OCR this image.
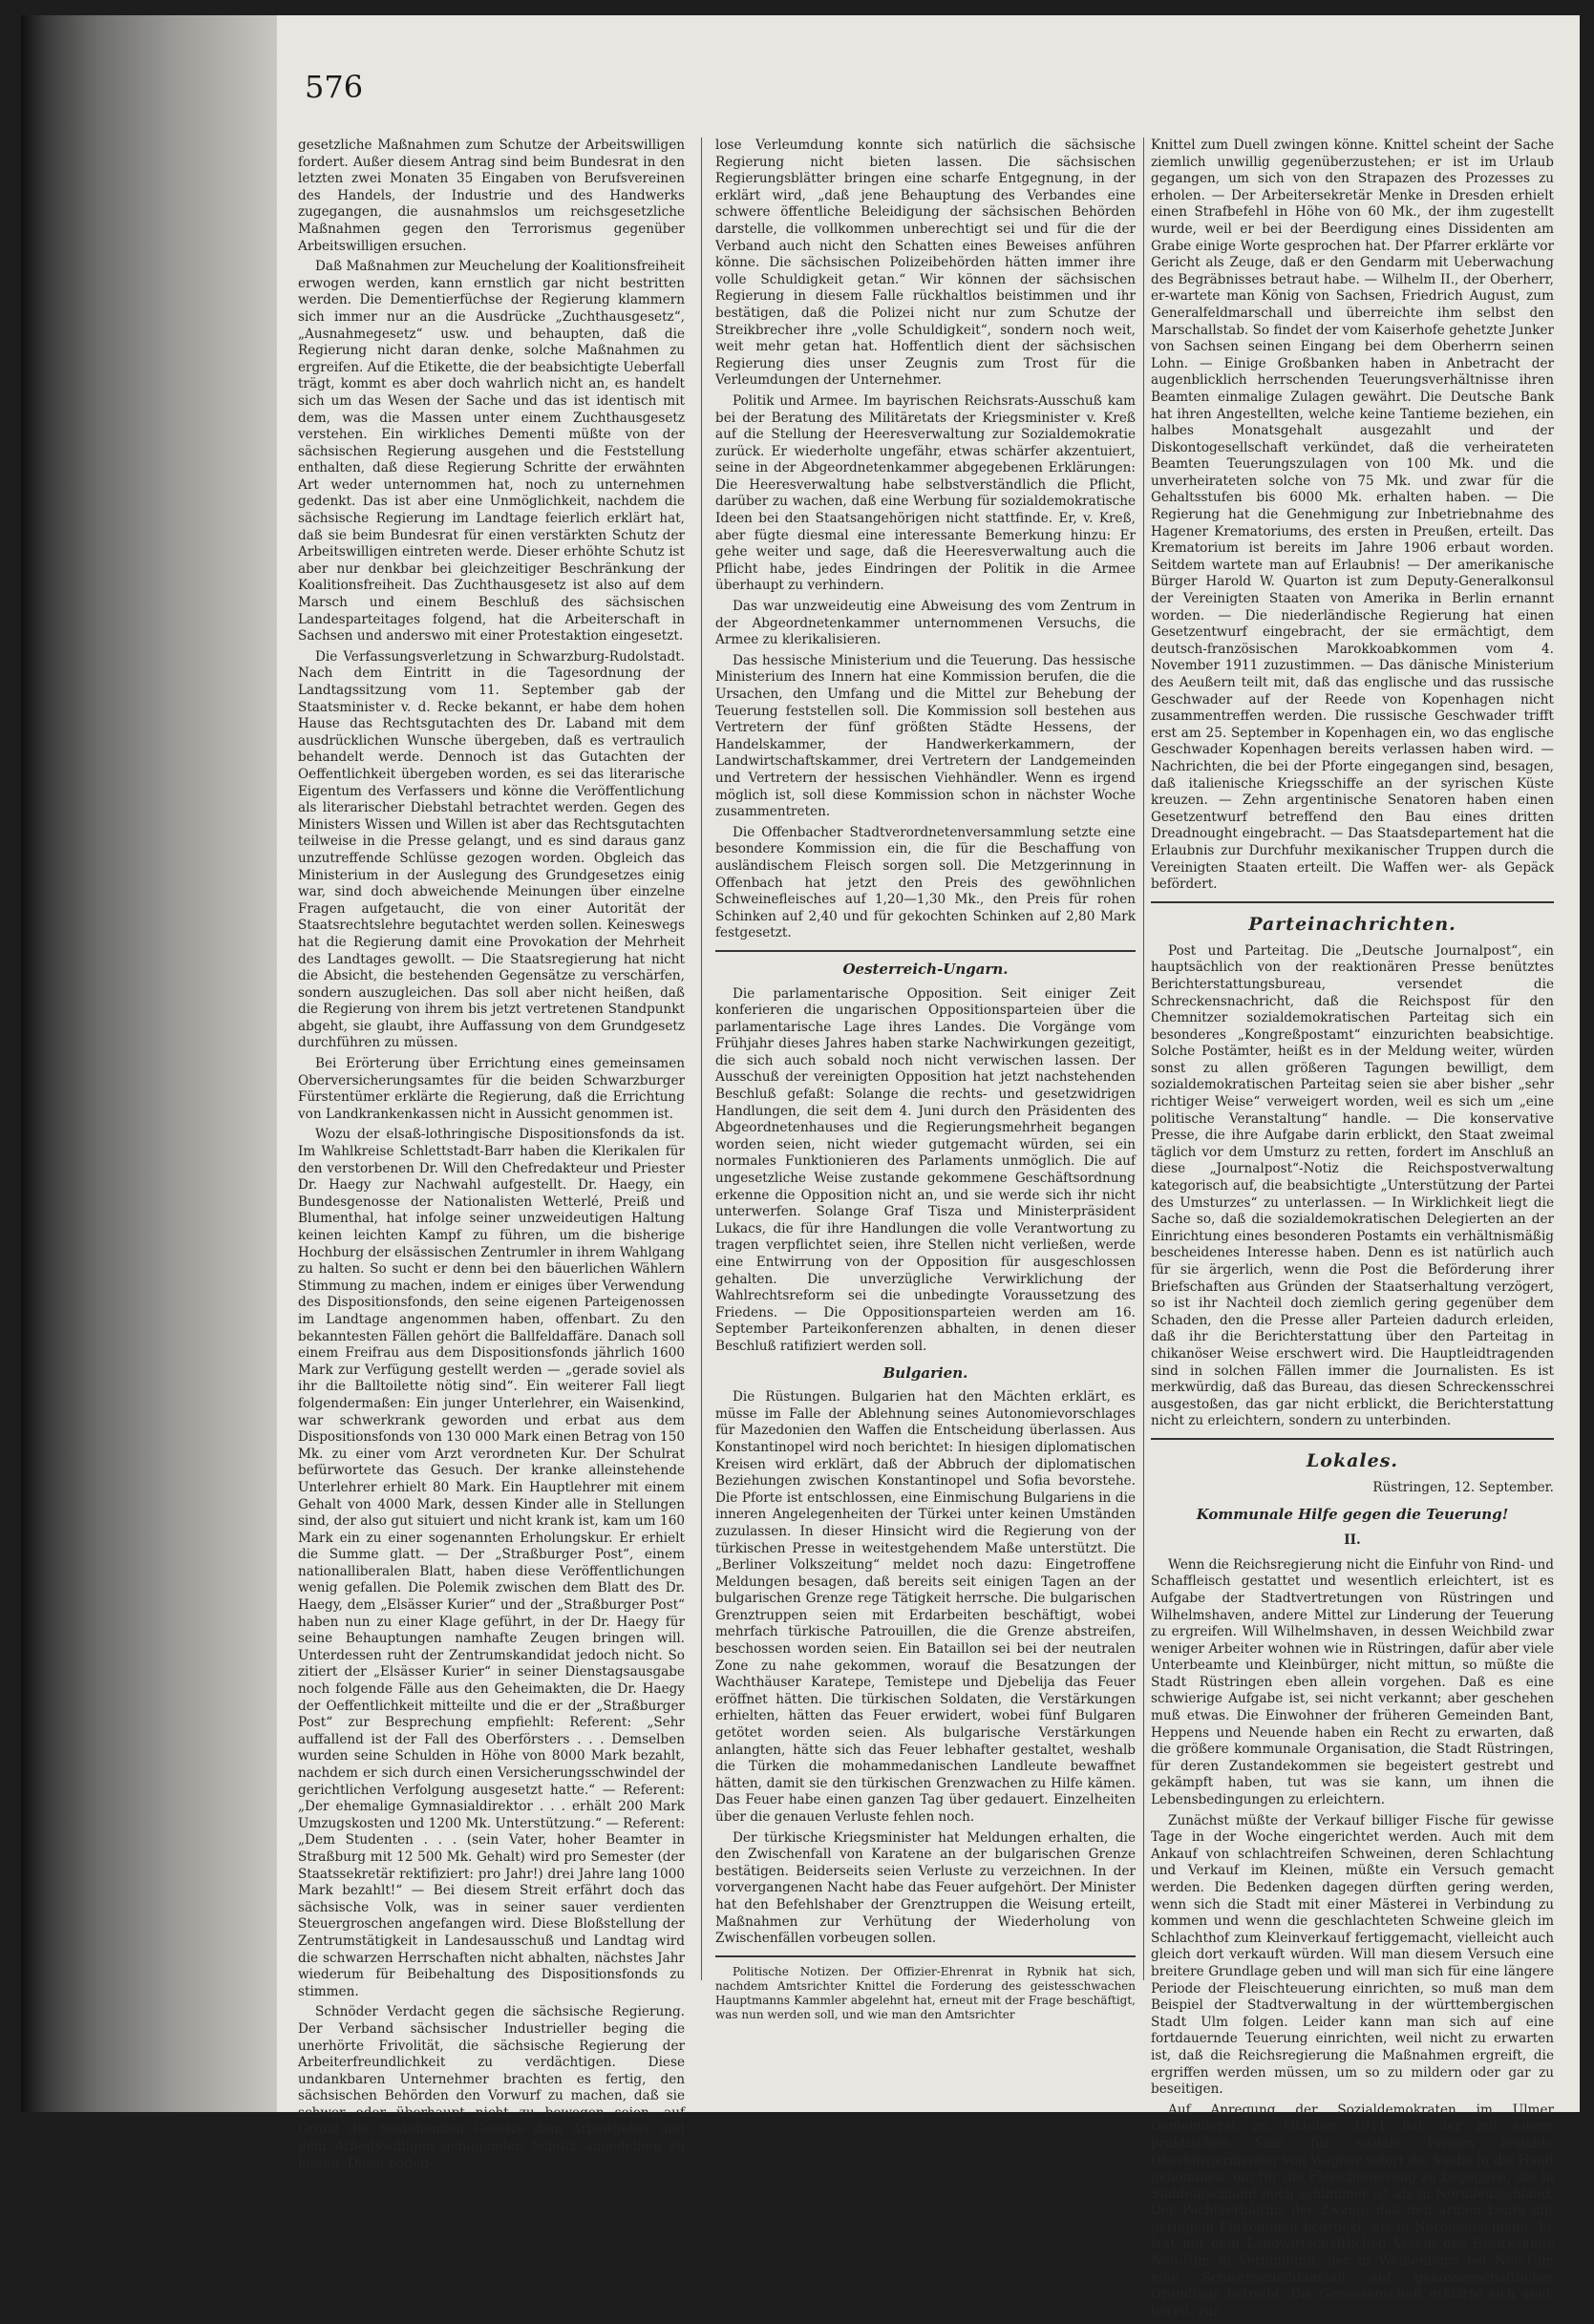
576

gesetzliche Maßnahmen zum Schutze der Arbeitswilligen fordert. Außer diesem Antrag sind beim Bundesrat in den letzten zwei Monaten 35 Eingaben von Berufsvereinen des Handels, der Industrie und des Handwerks zugegangen, die ausnahmslos um reichsgesetzliche Maßnahmen gegen den Terrorismus gegenüber Arbeitswilligen ersuchen.

Daß Maßnahmen zur Meuchelung der Koalitionsfreiheit erwogen werden, kann ernstlich gar nicht bestritten werden. Die Dementierfüchse der Regierung klammern sich immer nur an die Ausdrücke „Zuchthausgesetz“, „Ausnahmegesetz“ usw. und behaupten, daß die Regierung nicht daran denke, solche Maßnahmen zu ergreifen. Auf die Etikette, die der beabsichtigte Ueberfall trägt, kommt es aber doch wahrlich nicht an, es handelt sich um das Wesen der Sache und das ist identisch mit dem, was die Massen unter einem Zuchthausgesetz verstehen. Ein wirkliches Dementi müßte von der sächsischen Regierung ausgehen und die Feststellung enthalten, daß diese Regierung Schritte der erwähnten Art weder unternommen hat, noch zu unternehmen gedenkt. Das ist aber eine Unmöglichkeit, nachdem die sächsische Regierung im Landtage feierlich erklärt hat, daß sie beim Bundesrat für einen verstärkten Schutz der Arbeitswilligen eintreten werde. Dieser erhöhte Schutz ist aber nur denkbar bei gleichzeitiger Beschränkung der Koalitionsfreiheit. Das Zuchthausgesetz ist also auf dem Marsch und einem Beschluß des sächsischen Landesparteitages folgend, hat die Arbeiterschaft in Sachsen und anderswo mit einer Protestaktion eingesetzt.

Die Verfassungsverletzung in Schwarzburg-Rudolstadt. Nach dem Eintritt in die Tagesordnung der Landtagssitzung vom 11. September gab der Staatsminister v. d. Recke bekannt, er habe dem hohen Hause das Rechtsgutachten des Dr. Laband mit dem ausdrücklichen Wunsche übergeben, daß es vertraulich behandelt werde. Dennoch ist das Gutachten der Oeffentlichkeit übergeben worden, es sei das literarische Eigentum des Verfassers und könne die Veröffentlichung als literarischer Diebstahl betrachtet werden. Gegen des Ministers Wissen und Willen ist aber das Rechtsgutachten teilweise in die Presse gelangt, und es sind daraus ganz unzutreffende Schlüsse gezogen worden. Obgleich das Ministerium in der Auslegung des Grundgesetzes einig war, sind doch abweichende Meinungen über einzelne Fragen aufgetaucht, die von einer Autorität der Staatsrechtslehre begutachtet werden sollen. Keineswegs hat die Regierung damit eine Provokation der Mehrheit des Landtages gewollt. — Die Staatsregierung hat nicht die Absicht, die bestehenden Gegensätze zu verschärfen, sondern auszugleichen. Das soll aber nicht heißen, daß die Regierung von ihrem bis jetzt vertretenen Standpunkt abgeht, sie glaubt, ihre Auffassung von dem Grundgesetz durchführen zu müssen.

Bei Erörterung über Errichtung eines gemeinsamen Oberversicherungsamtes für die beiden Schwarzburger Fürstentümer erklärte die Regierung, daß die Errichtung von Landkrankenkassen nicht in Aussicht genommen ist.

Wozu der elsaß-lothringische Dispositionsfonds da ist. Im Wahlkreise Schlettstadt-Barr haben die Klerikalen für den verstorbenen Dr. Will den Chefredakteur und Priester Dr. Haegy zur Nachwahl aufgestellt. Dr. Haegy, ein Bundesgenosse der Nationalisten Wetterlé, Preiß und Blumenthal, hat infolge seiner unzweideutigen Haltung keinen leichten Kampf zu führen, um die bisherige Hochburg der elsässischen Zentrumler in ihrem Wahlgang zu halten. So sucht er denn bei den bäuerlichen Wählern Stimmung zu machen, indem er einiges über Verwendung des Dispositionsfonds, den seine eigenen Parteigenossen im Landtage angenommen haben, offenbart. Zu den bekanntesten Fällen gehört die Ballfeldaffäre. Danach soll einem Freifrau aus dem Dispositionsfonds jährlich 1600 Mark zur Verfügung gestellt werden — „gerade soviel als ihr die Balltoilette nötig sind“. Ein weiterer Fall liegt folgendermaßen: Ein junger Unterlehrer, ein Waisenkind, war schwerkrank geworden und erbat aus dem Dispositionsfonds von 130 000 Mark einen Betrag von 150 Mk. zu einer vom Arzt verordneten Kur. Der Schulrat befürwortete das Gesuch. Der kranke alleinstehende Unterlehrer erhielt 80 Mark. Ein Hauptlehrer mit einem Gehalt von 4000 Mark, dessen Kinder alle in Stellungen sind, der also gut situiert und nicht krank ist, kam um 160 Mark ein zu einer sogenannten Erholungskur. Er erhielt die Summe glatt. — Der „Straßburger Post“, einem nationalliberalen Blatt, haben diese Veröffentlichungen wenig gefallen. Die Polemik zwischen dem Blatt des Dr. Haegy, dem „Elsässer Kurier“ und der „Straßburger Post“ haben nun zu einer Klage geführt, in der Dr. Haegy für seine Behauptungen namhafte Zeugen bringen will. Unterdessen ruht der Zentrumskandidat jedoch nicht. So zitiert der „Elsässer Kurier“ in seiner Dienstagsausgabe noch folgende Fälle aus den Geheimakten, die Dr. Haegy der Oeffentlichkeit mitteilte und die er der „Straßburger Post“ zur Besprechung empfiehlt: Referent: „Sehr auffallend ist der Fall des Oberförsters . . . Demselben wurden seine Schulden in Höhe von 8000 Mark bezahlt, nachdem er sich durch einen Versicherungsschwindel der gerichtlichen Verfolgung ausgesetzt hatte.“ — Referent: „Der ehemalige Gymnasialdirektor . . . erhält 200 Mark Umzugskosten und 1200 Mk. Unterstützung.“ — Referent: „Dem Studenten . . . (sein Vater, hoher Beamter in Straßburg mit 12 500 Mk. Gehalt) wird pro Semester (der Staatssekretär rektifiziert: pro Jahr!) drei Jahre lang 1000 Mark bezahlt!“ — Bei diesem Streit erfährt doch das sächsische Volk, was in seiner sauer verdienten Steuergroschen angefangen wird. Diese Bloßstellung der Zentrumstätigkeit in Landesausschuß und Landtag wird die schwarzen Herrschaften nicht abhalten, nächstes Jahr wiederum für Beibehaltung des Dispositionsfonds zu stimmen.

Schnöder Verdacht gegen die sächsische Regierung. Der Verband sächsischer Industrieller beging die unerhörte Frivolität, die sächsische Regierung der Arbeiterfreundlichkeit zu verdächtigen. Diese undankbaren Unternehmer brachten es fertig, den sächsischen Behörden den Vorwurf zu machen, daß sie schwer oder überhaupt nicht zu bewegen seien, auf Grund der bestehenden Gesetze dem Arbeitgeber und dem Arbeitswilligen genügenden Schutz angedeihen zu lassen. Diese boden-

lose Verleumdung konnte sich natürlich die sächsische Regierung nicht bieten lassen. Die sächsischen Regierungsblätter bringen eine scharfe Entgegnung, in der erklärt wird, „daß jene Behauptung des Verbandes eine schwere öffentliche Beleidigung der sächsischen Behörden darstelle, die vollkommen unberechtigt sei und für die der Verband auch nicht den Schatten eines Beweises anführen könne. Die sächsischen Polizeibehörden hätten immer ihre volle Schuldigkeit getan.“ Wir können der sächsischen Regierung in diesem Falle rückhaltlos beistimmen und ihr bestätigen, daß die Polizei nicht nur zum Schutze der Streikbrecher ihre „volle Schuldigkeit“, sondern noch weit, weit mehr getan hat. Hoffentlich dient der sächsischen Regierung dies unser Zeugnis zum Trost für die Verleumdungen der Unternehmer.

Politik und Armee. Im bayrischen Reichsrats-Ausschuß kam bei der Beratung des Militäretats der Kriegsminister v. Kreß auf die Stellung der Heeresverwaltung zur Sozialdemokratie zurück. Er wiederholte ungefähr, etwas schärfer akzentuiert, seine in der Abgeordnetenkammer abgegebenen Erklärungen: Die Heeresverwaltung habe selbstverständlich die Pflicht, darüber zu wachen, daß eine Werbung für sozialdemokratische Ideen bei den Staatsangehörigen nicht stattfinde. Er, v. Kreß, aber fügte diesmal eine interessante Bemerkung hinzu: Er gehe weiter und sage, daß die Heeresverwaltung auch die Pflicht habe, jedes Eindringen der Politik in die Armee überhaupt zu verhindern.

Das war unzweideutig eine Abweisung des vom Zentrum in der Abgeordnetenkammer unternommenen Versuchs, die Armee zu klerikalisieren.

Das hessische Ministerium und die Teuerung. Das hessische Ministerium des Innern hat eine Kommission berufen, die die Ursachen, den Umfang und die Mittel zur Behebung der Teuerung feststellen soll. Die Kommission soll bestehen aus Vertretern der fünf größten Städte Hessens, der Handelskammer, der Handwerkerkammern, der Landwirtschaftskammer, drei Vertretern der Landgemeinden und Vertretern der hessischen Viehhändler. Wenn es irgend möglich ist, soll diese Kommission schon in nächster Woche zusammentreten.

Die Offenbacher Stadtverordnetenversammlung setzte eine besondere Kommission ein, die für die Beschaffung von ausländischem Fleisch sorgen soll. Die Metzgerinnung in Offenbach hat jetzt den Preis des gewöhnlichen Schweinefleisches auf 1,20—1,30 Mk., den Preis für rohen Schinken auf 2,40 und für gekochten Schinken auf 2,80 Mark festgesetzt.

Oesterreich-Ungarn.

Die parlamentarische Opposition. Seit einiger Zeit konferieren die ungarischen Oppositionsparteien über die parlamentarische Lage ihres Landes. Die Vorgänge vom Frühjahr dieses Jahres haben starke Nachwirkungen gezeitigt, die sich auch sobald noch nicht verwischen lassen. Der Ausschuß der vereinigten Opposition hat jetzt nachstehenden Beschluß gefaßt: Solange die rechts- und gesetzwidrigen Handlungen, die seit dem 4. Juni durch den Präsidenten des Abgeordnetenhauses und die Regierungsmehrheit begangen worden seien, nicht wieder gutgemacht würden, sei ein normales Funktionieren des Parlaments unmöglich. Die auf ungesetzliche Weise zustande gekommene Geschäftsordnung erkenne die Opposition nicht an, und sie werde sich ihr nicht unterwerfen. Solange Graf Tisza und Ministerpräsident Lukacs, die für ihre Handlungen die volle Verantwortung zu tragen verpflichtet seien, ihre Stellen nicht verließen, werde eine Entwirrung von der Opposition für ausgeschlossen gehalten. Die unverzügliche Verwirklichung der Wahlrechtsreform sei die unbedingte Voraussetzung des Friedens. — Die Oppositionsparteien werden am 16. September Parteikonferenzen abhalten, in denen dieser Beschluß ratifiziert werden soll.

Bulgarien.

Die Rüstungen. Bulgarien hat den Mächten erklärt, es müsse im Falle der Ablehnung seines Autonomievorschlages für Mazedonien den Waffen die Entscheidung überlassen. Aus Konstantinopel wird noch berichtet: In hiesigen diplomatischen Kreisen wird erklärt, daß der Abbruch der diplomatischen Beziehungen zwischen Konstantinopel und Sofia bevorstehe. Die Pforte ist entschlossen, eine Einmischung Bulgariens in die inneren Angelegenheiten der Türkei unter keinen Umständen zuzulassen. In dieser Hinsicht wird die Regierung von der türkischen Presse in weitestgehendem Maße unterstützt. Die „Berliner Volkszeitung“ meldet noch dazu: Eingetroffene Meldungen besagen, daß bereits seit einigen Tagen an der bulgarischen Grenze rege Tätigkeit herrsche. Die bulgarischen Grenztruppen seien mit Erdarbeiten beschäftigt, wobei mehrfach türkische Patrouillen, die die Grenze abstreifen, beschossen worden seien. Ein Bataillon sei bei der neutralen Zone zu nahe gekommen, worauf die Besatzungen der Wachthäuser Karatepe, Temistepe und Djebelija das Feuer eröffnet hätten. Die türkischen Soldaten, die Verstärkungen erhielten, hätten das Feuer erwidert, wobei fünf Bulgaren getötet worden seien. Als bulgarische Verstärkungen anlangten, hätte sich das Feuer lebhafter gestaltet, weshalb die Türken die mohammedanischen Landleute bewaffnet hätten, damit sie den türkischen Grenzwachen zu Hilfe kämen. Das Feuer habe einen ganzen Tag über gedauert. Einzelheiten über die genauen Verluste fehlen noch.

Der türkische Kriegsminister hat Meldungen erhalten, die den Zwischenfall von Karatene an der bulgarischen Grenze bestätigen. Beiderseits seien Verluste zu verzeichnen. In der vorvergangenen Nacht habe das Feuer aufgehört. Der Minister hat den Befehlshaber der Grenztruppen die Weisung erteilt, Maßnahmen zur Verhütung der Wiederholung von Zwischenfällen vorbeugen sollen.

Politische Notizen. Der Offizier-Ehrenrat in Rybnik hat sich, nachdem Amtsrichter Knittel die Forderung des geistesschwachen Hauptmanns Kammler abgelehnt hat, erneut mit der Frage beschäftigt, was nun werden soll, und wie man den Amtsrichter

Knittel zum Duell zwingen könne. Knittel scheint der Sache ziemlich unwillig gegenüberzustehen; er ist im Urlaub gegangen, um sich von den Strapazen des Prozesses zu erholen. — Der Arbeitersekretär Menke in Dresden erhielt einen Strafbefehl in Höhe von 60 Mk., der ihm zugestellt wurde, weil er bei der Beerdigung eines Dissidenten am Grabe einige Worte gesprochen hat. Der Pfarrer erklärte vor Gericht als Zeuge, daß er den Gendarm mit Ueberwachung des Begräbnisses betraut habe. — Wilhelm II., der Oberherr, er-wartete man König von Sachsen, Friedrich August, zum Generalfeldmarschall und überreichte ihm selbst den Marschallstab. So findet der vom Kaiserhofe gehetzte Junker von Sachsen seinen Eingang bei dem Oberherrn seinen Lohn. — Einige Großbanken haben in Anbetracht der augenblicklich herrschenden Teuerungsverhältnisse ihren Beamten einmalige Zulagen gewährt. Die Deutsche Bank hat ihren Angestellten, welche keine Tantieme beziehen, ein halbes Monatsgehalt ausgezahlt und der Diskontogesellschaft verkündet, daß die verheirateten Beamten Teuerungszulagen von 100 Mk. und die unverheirateten solche von 75 Mk. und zwar für die Gehaltsstufen bis 6000 Mk. erhalten haben. — Die Regierung hat die Genehmigung zur Inbetriebnahme des Hagener Krematoriums, des ersten in Preußen, erteilt. Das Krematorium ist bereits im Jahre 1906 erbaut worden. Seitdem wartete man auf Erlaubnis! — Der amerikanische Bürger Harold W. Quarton ist zum Deputy-Generalkonsul der Vereinigten Staaten von Amerika in Berlin ernannt worden. — Die niederländische Regierung hat einen Gesetzentwurf eingebracht, der sie ermächtigt, dem deutsch-französischen Marokkoabkommen vom 4. November 1911 zuzustimmen. — Das dänische Ministerium des Aeußern teilt mit, daß das englische und das russische Geschwader auf der Reede von Kopenhagen nicht zusammentreffen werden. Die russische Geschwader trifft erst am 25. September in Kopenhagen ein, wo das englische Geschwader Kopenhagen bereits verlassen haben wird. — Nachrichten, die bei der Pforte eingegangen sind, besagen, daß italienische Kriegsschiffe an der syrischen Küste kreuzen. — Zehn argentinische Senatoren haben einen Gesetzentwurf betreffend den Bau eines dritten Dreadnought eingebracht. — Das Staatsdepartement hat die Erlaubnis zur Durchfuhr mexikanischer Truppen durch die Vereinigten Staaten erteilt. Die Waffen wer- als Gepäck befördert.

Parteinachrichten.

Post und Parteitag. Die „Deutsche Journalpost“, ein hauptsächlich von der reaktionären Presse benütztes Berichterstattungsbureau, versendet die Schreckensnachricht, daß die Reichspost für den Chemnitzer sozialdemokratischen Parteitag sich ein besonderes „Kongreßpostamt“ einzurichten beabsichtige. Solche Postämter, heißt es in der Meldung weiter, würden sonst zu allen größeren Tagungen bewilligt, dem sozialdemokratischen Parteitag seien sie aber bisher „sehr richtiger Weise“ verweigert worden, weil es sich um „eine politische Veranstaltung“ handle. — Die konservative Presse, die ihre Aufgabe darin erblickt, den Staat zweimal täglich vor dem Umsturz zu retten, fordert im Anschluß an diese „Journalpost“-Notiz die Reichspostverwaltung kategorisch auf, die beabsichtigte „Unterstützung der Partei des Umsturzes“ zu unterlassen. — In Wirklichkeit liegt die Sache so, daß die sozialdemokratischen Delegierten an der Einrichtung eines besonderen Postamts ein verhältnismäßig bescheidenes Interesse haben. Denn es ist natürlich auch für sie ärgerlich, wenn die Post die Beförderung ihrer Briefschaften aus Gründen der Staatserhaltung verzögert, so ist ihr Nachteil doch ziemlich gering gegenüber dem Schaden, den die Presse aller Parteien dadurch erleiden, daß ihr die Berichterstattung über den Parteitag in chikanöser Weise erschwert wird. Die Hauptleidtragenden sind in solchen Fällen immer die Journalisten. Es ist merkwürdig, daß das Bureau, das diesen Schreckensschrei ausgestoßen, das gar nicht erblickt, die Berichterstattung nicht zu erleichtern, sondern zu unterbinden.

Lokales.

Rüstringen, 12. September.

Kommunale Hilfe gegen die Teuerung!
II.

Wenn die Reichsregierung nicht die Einfuhr von Rind- und Schaffleisch gestattet und wesentlich erleichtert, ist es Aufgabe der Stadtvertretungen von Rüstringen und Wilhelmshaven, andere Mittel zur Linderung der Teuerung zu ergreifen. Will Wilhelmshaven, in dessen Weichbild zwar weniger Arbeiter wohnen wie in Rüstringen, dafür aber viele Unterbeamte und Kleinbürger, nicht mittun, so müßte die Stadt Rüstringen eben allein vorgehen. Daß es eine schwierige Aufgabe ist, sei nicht verkannt; aber geschehen muß etwas. Die Einwohner der früheren Gemeinden Bant, Heppens und Neuende haben ein Recht zu erwarten, daß die größere kommunale Organisation, die Stadt Rüstringen, für deren Zustandekommen sie begeistert gestrebt und gekämpft haben, tut was sie kann, um ihnen die Lebensbedingungen zu erleichtern.

Zunächst müßte der Verkauf billiger Fische für gewisse Tage in der Woche eingerichtet werden. Auch mit dem Ankauf von schlachtreifen Schweinen, deren Schlachtung und Verkauf im Kleinen, müßte ein Versuch gemacht werden. Die Bedenken dagegen dürften gering werden, wenn sich die Stadt mit einer Mästerei in Verbindung zu kommen und wenn die geschlachteten Schweine gleich im Schlachthof zum Kleinverkauf fertiggemacht, vielleicht auch gleich dort verkauft würden. Will man diesem Versuch eine breitere Grundlage geben und will man sich für eine längere Periode der Fleischteuerung einrichten, so muß man dem Beispiel der Stadtverwaltung in der württembergischen Stadt Ulm folgen. Leider kann man sich auf eine fortdauernde Teuerung einrichten, weil nicht zu erwarten ist, daß die Reichsregierung die Maßnahmen ergreift, die ergriffen werden müssen, um so zu mildern oder gar zu beseitigen.

Auf Anregung der Sozialdemokraten im Ulmer Gemeinderat im Oktober 1911 hat der mit einem praktischen Sinn für soziale Fragen begabte Oberbürgermeister von Wagner sofort die Sache in die Hand genommen, um für die Fleischteuerung zu begegnen, die in Süddeutschland noch schlimmer ist als in Norddeutschland. Der Pachtverhältnis der Zwang, daß den armen Leute mit geringem Einkommen bedrückt, als in Norddeutschland. Er trat mit dem Landwirtschaftlichen Verein des Bezirksamts Neu-Ulm in Verbindung, der in Weißenhorn bei Neu-Ulm eine Schweinezuchtanstalt auf genossenschaftlicher Grundlage betreibt. Die Genossenschaft erklärte sich auch bereit, zur
